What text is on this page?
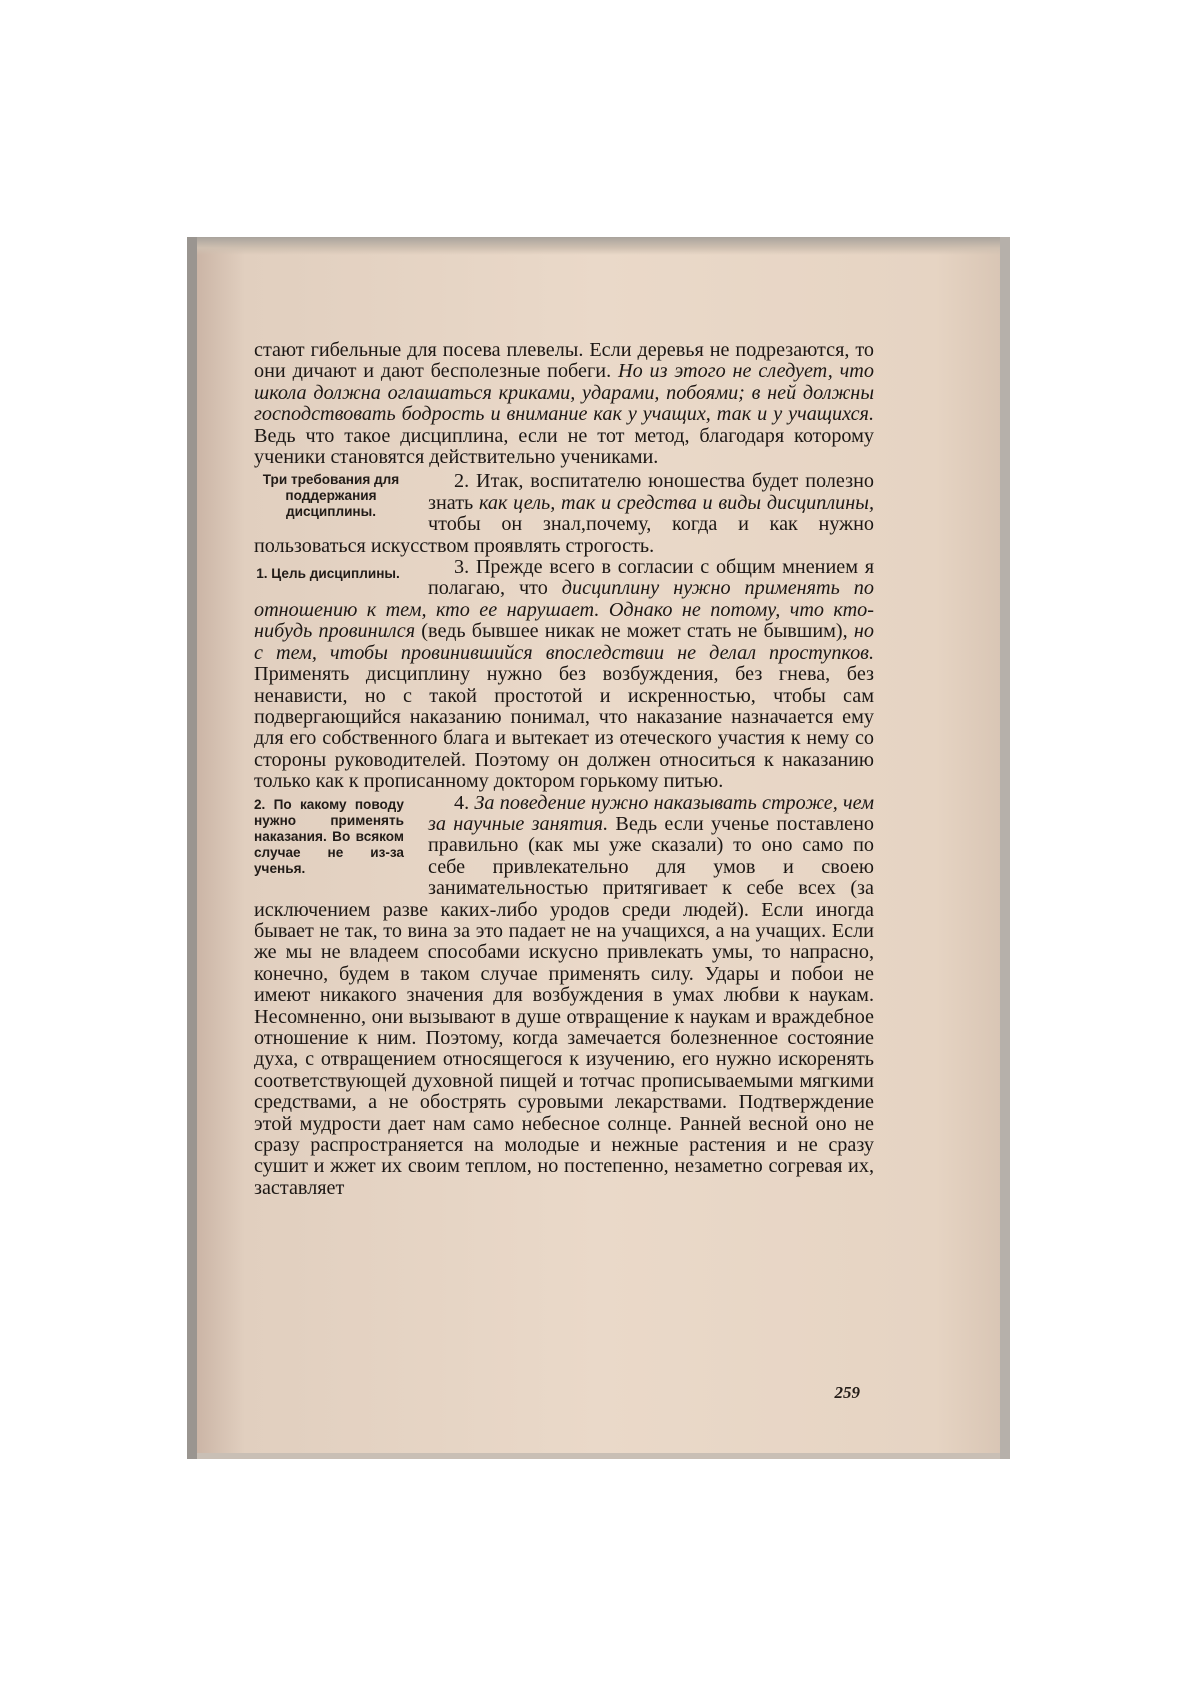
стают гибельные для посева плевелы. Если деревья не подрезаются, то они дичают и дают бесполезные побеги. Но из этого не следует, что школа должна оглашаться криками, ударами, побоями; в ней должны господствовать бодрость и внимание как у учащих, так и у учащихся. Ведь что такое дисциплина, если не тот метод, благодаря которому ученики становятся действительно учениками.

Три требования для поддержания дисциплины.

2. Итак, воспитателю юношества будет полезно знать как цель, так и средства и виды дисциплины, чтобы он знал,почему, когда и как нужно пользоваться искусством проявлять строгость.

1. Цель дисциплины.	3. Прежде всего в согласии с общим мнением я полагаю, что дисциплину нужно применять по отношению к тем, кто ее нарушает. Однако не потому, что кто-нибудь провинился (ведь бывшее никак не может стать не бывшим), но с тем, чтобы провинившийся впоследствии не делал проступков. Применять дисциплину нужно без возбуждения, без гнева, без ненависти, но с такой простотой и искренностью, чтобы сам подвергающийся наказанию понимал, что наказание назначается ему для его собственного блага и вытекает из отеческого участия к нему со стороны руководителей. Поэтому он должен относиться к наказанию только как к прописанному доктором горькому питью.

2. По какому поводу нужно применять наказания. Во всяком случае не из-за ученья.

4. За поведение нужно наказывать строже, чем за научные занятия. Ведь если ученье поставлено правильно (как мы уже сказали) то оно само по себе привлекательно для умов и своею занимательностью притягивает к себе всех (за исключением разве каких-либо уродов среди людей). Если иногда бывает не так, то вина за это падает не на учащихся, а на учащих. Если же мы не владеем способами искусно привлекать умы, то напрасно, конечно, будем в таком случае применять силу. Удары и побои не имеют никакого значения для возбуждения в умах любви к наукам. Несомненно, они вызывают в душе отвращение к наукам и враждебное отношение к ним. Поэтому, когда замечается болезненное состояние духа, с отвращением относящегося к изучению, его нужно искоренять соответствующей духовной пищей и тотчас прописываемыми мягкими средствами, а не обострять суровыми лекарствами. Подтверждение этой мудрости дает нам само небесное солнце. Ранней весной оно не сразу распространяется на молодые и нежные растения и не сразу сушит и жжет их своим теплом, но постепенно, незаметно согревая их, заставляет

259
